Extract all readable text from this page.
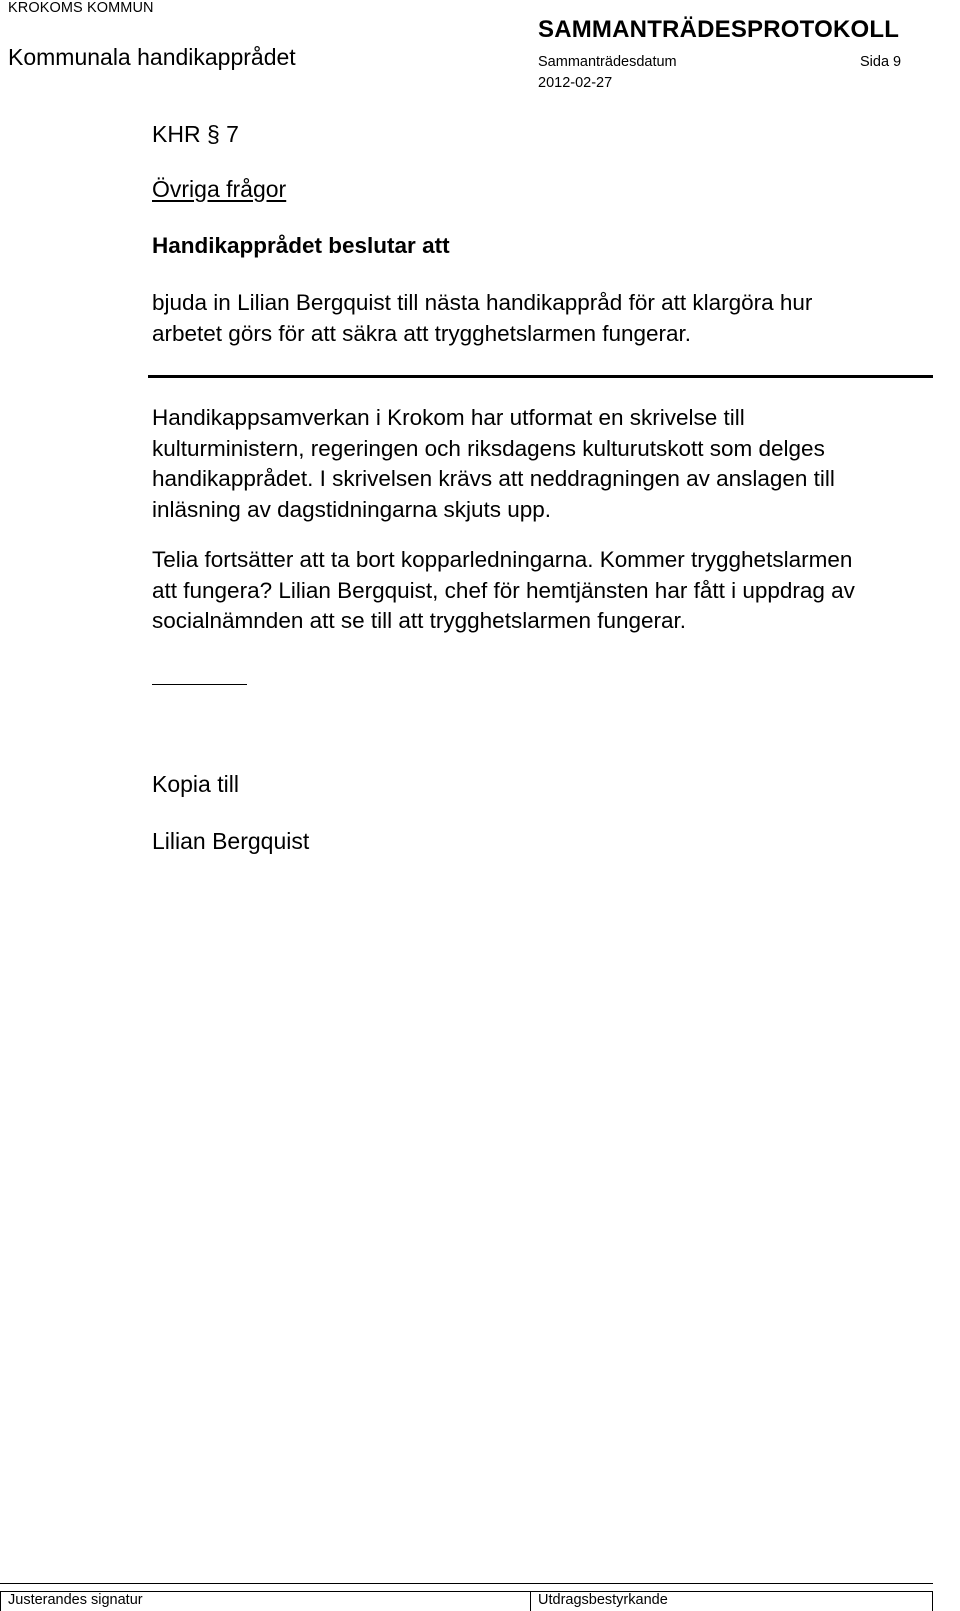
KROKOMS KOMMUN
SAMMANTRÄDESPROTOKOLL
Kommunala handikapprådet	Sammanträdesdatum	Sida 9
2012-02-27
KHR § 7
Övriga frågor
Handikapprådet beslutar att
bjuda in Lilian Bergquist till nästa handikappråd för att klargöra hur
arbetet görs för att säkra att trygghetslarmen fungerar.
Handikappsamverkan i Krokom har utformat en skrivelse till
kulturministern, regeringen och riksdagens kulturutskott som delges
handikapprådet. I skrivelsen krävs att neddragningen av anslagen till
inläsning av dagstidningarna skjuts upp.
Telia fortsätter att ta bort kopparledningarna. Kommer trygghetslarmen
att fungera? Lilian Bergquist, chef för hemtjänsten har fått i uppdrag av
socialnämnden att se till att trygghetslarmen fungerar.
Kopia till
Lilian Bergquist
Justerandes signatur	Utdragsbestyrkande
